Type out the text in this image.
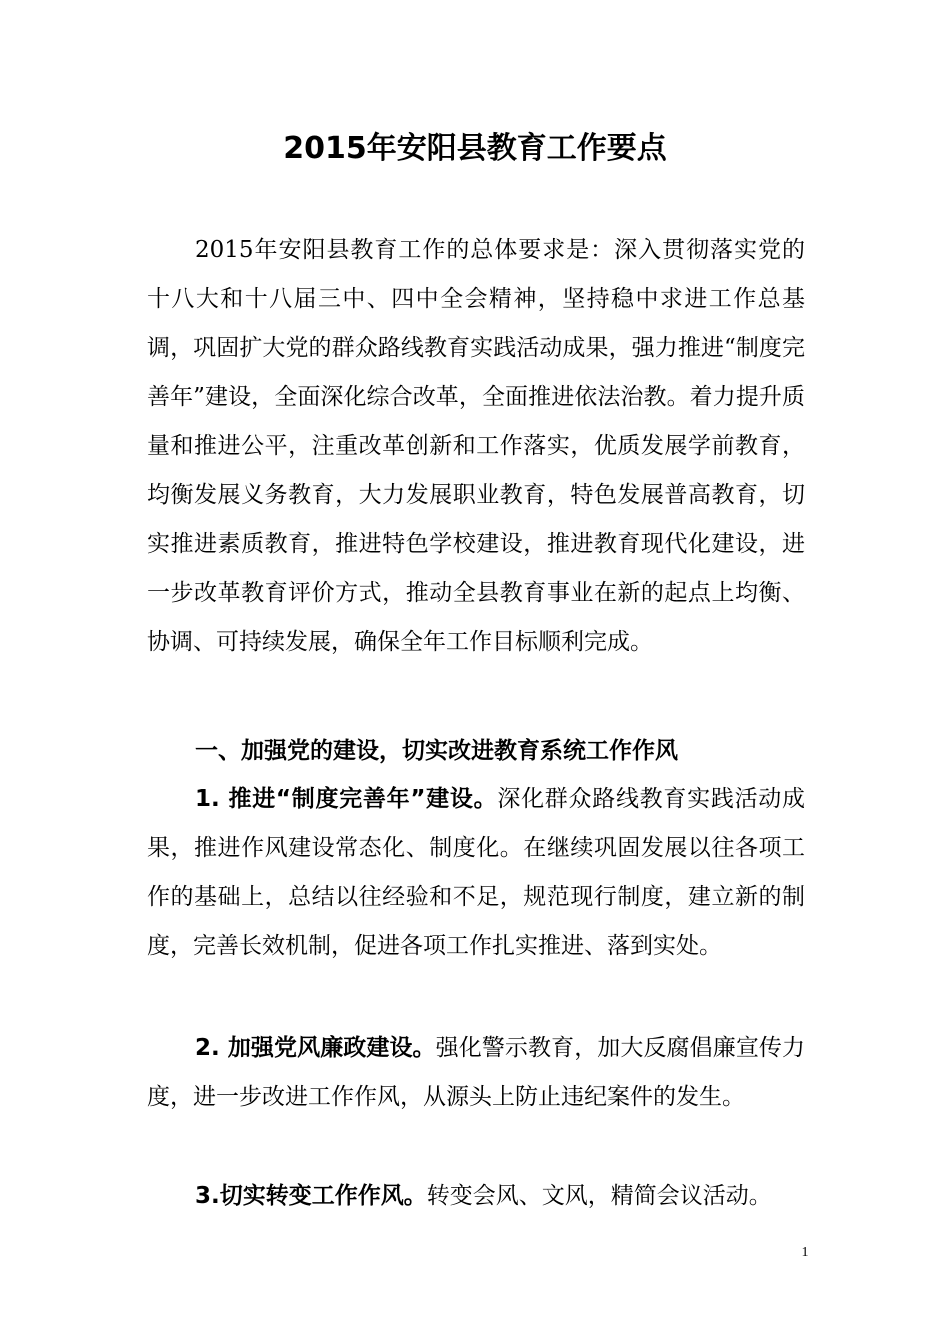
2015年安阳县教育工作要点

2015年安阳县教育工作的总体要求是：深入贯彻落实党的十八大和十八届三中、四中全会精神，坚持稳中求进工作总基调，巩固扩大党的群众路线教育实践活动成果，强力推进“制度完善年”建设，全面深化综合改革，全面推进依法治教。着力提升质量和推进公平，注重改革创新和工作落实，优质发展学前教育，均衡发展义务教育，大力发展职业教育，特色发展普高教育，切实推进素质教育，推进特色学校建设，推进教育现代化建设，进一步改革教育评价方式，推动全县教育事业在新的起点上均衡、协调、可持续发展，确保全年工作目标顺利完成。

一、加强党的建设，切实改进教育系统工作作风

1. 推进“制度完善年”建设。深化群众路线教育实践活动成果，推进作风建设常态化、制度化。在继续巩固发展以往各项工作的基础上，总结以往经验和不足，规范现行制度，建立新的制度，完善长效机制，促进各项工作扎实推进、落到实处。

2. 加强党风廉政建设。强化警示教育，加大反腐倡廉宣传力度，进一步改进工作作风，从源头上防止违纪案件的发生。

3.切实转变工作作风。转变会风、文风，精简会议活动。

1
